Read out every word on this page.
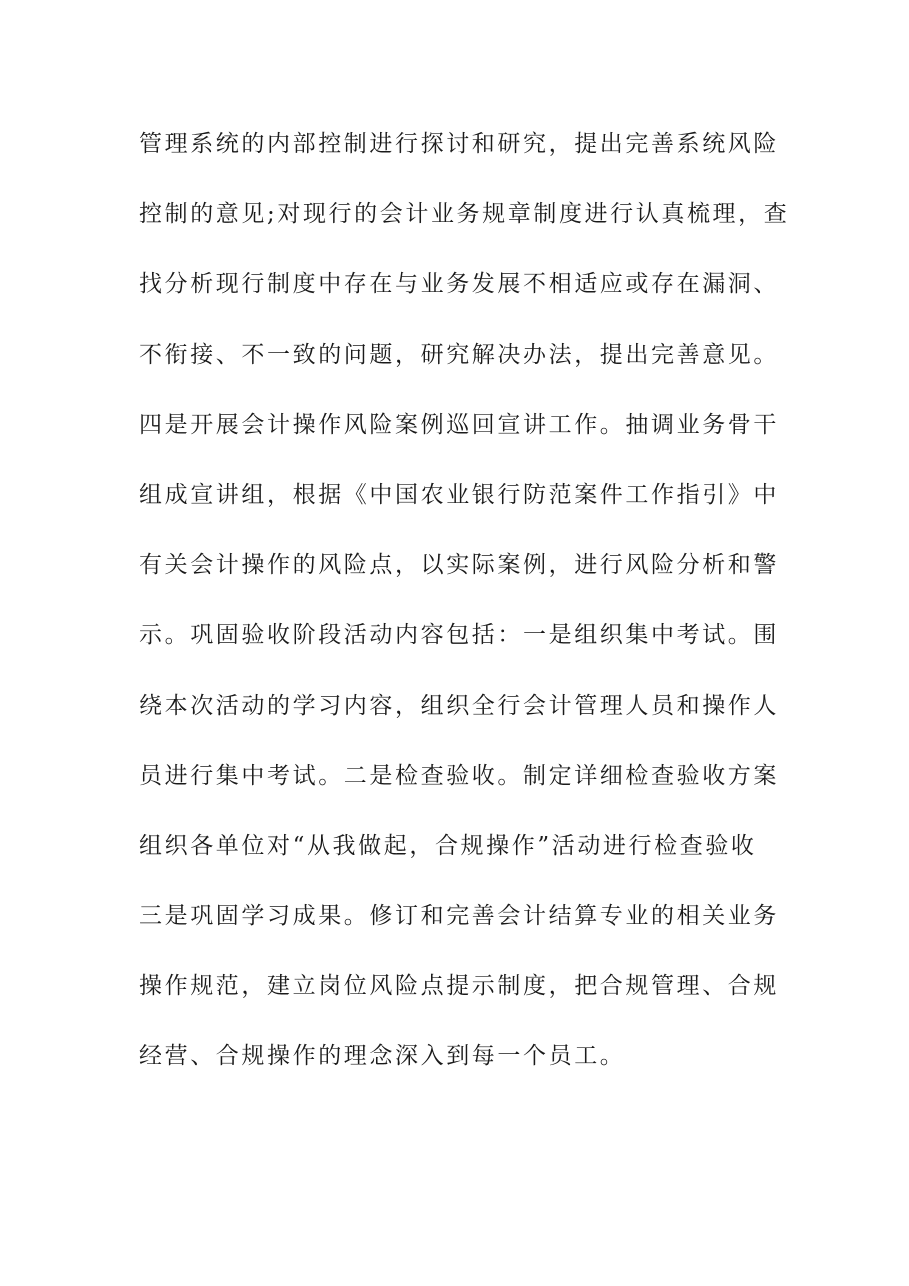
管理系统的内部控制进行探讨和研究，提出完善系统风险
控制的意见;对现行的会计业务规章制度进行认真梳理，查
找分析现行制度中存在与业务发展不相适应或存在漏洞、
不衔接、不一致的问题，研究解决办法，提出完善意见。
四是开展会计操作风险案例巡回宣讲工作。抽调业务骨干
组成宣讲组，根据《中国农业银行防范案件工作指引》中
有关会计操作的风险点，以实际案例，进行风险分析和警
示。巩固验收阶段活动内容包括：一是组织集中考试。围
绕本次活动的学习内容，组织全行会计管理人员和操作人
员进行集中考试。二是检查验收。制定详细检查验收方案
组织各单位对“从我做起，合规操作”活动进行检查验收
三是巩固学习成果。修订和完善会计结算专业的相关业务
操作规范，建立岗位风险点提示制度，把合规管理、合规
经营、合规操作的理念深入到每一个员工。
